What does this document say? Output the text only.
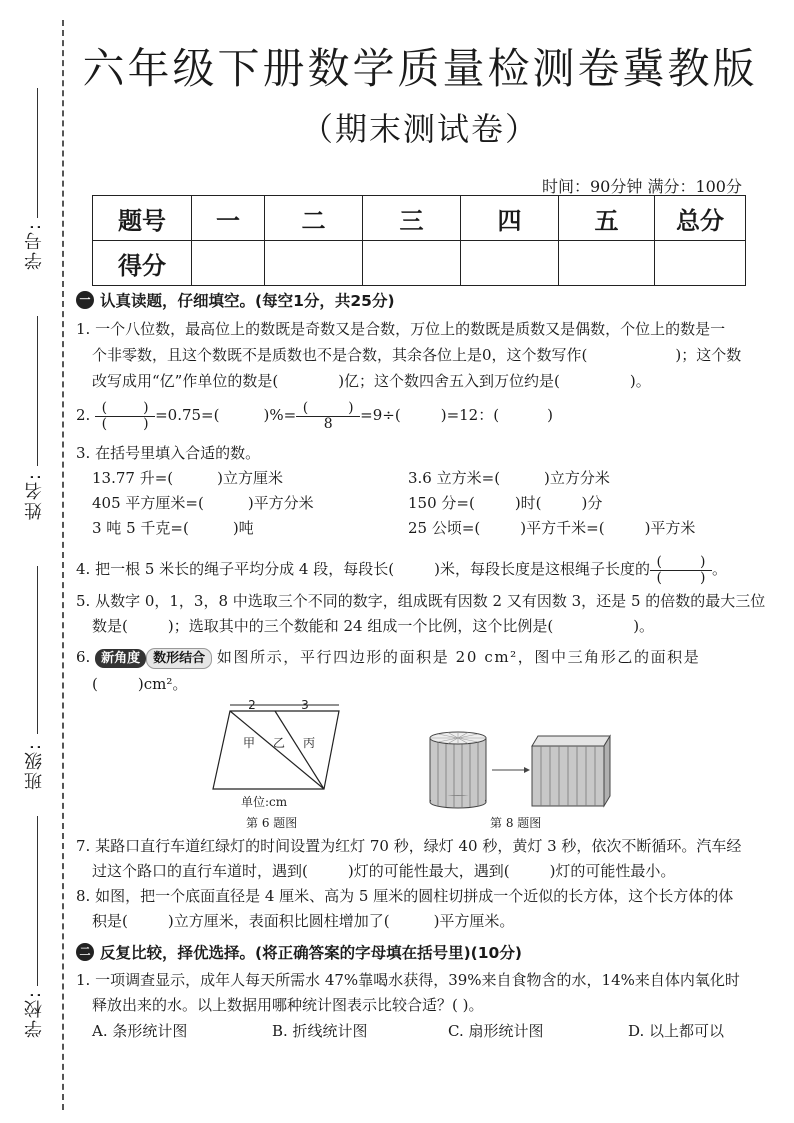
学号:
姓名:
班级:
学校:
六年级下册数学质量检测卷冀教版
（期末测试卷）
时间：90分钟 满分：100分
题号	一	二	三	四	五	总分
得分						
一 认真读题，仔细填空。(每空1分，共25分)
1. 一个八位数，最高位上的数既是奇数又是合数，万位上的数既是质数又是偶数，个位上的数是一
个非零数，且这个数既不是质数也不是合数，其余各位上是0，这个数写作(	)；这个数
改写成用“亿”作单位的数是(	)亿；这个数四舍五入到万位约是(	)。
2. (	)
(	) =0.75=(	)%= (	)
8 =9÷(	)=12：(	)
3. 在括号里填入合适的数。
13.77 升=(	)立方厘米	3.6 立方米=(	)立方分米
405 平方厘米=(	)平方分米	150 分=(	)时(	)分
3 吨 5 千克=(	)吨	25 公顷=(	)平方千米=(	)平方米
4. 把一根 5 米长的绳子平均分成 4 段，每段长(	)米，每段长度是这根绳子长度的 (	)
(	) 。
5. 从数字 0，1，3，8 中选取三个不同的数字，组成既有因数 2 又有因数 3，还是 5 的倍数的最大三位
数是(	)；选取其中的三个数能和 24 组成一个比例，这个比例是(	)。
6. 新角度 数形结合 如图所示，平行四边形的面积是 20 cm²，图中三角形乙的面积是
(	)cm²。
2	3
甲 乙 丙
单位:cm
第 6 题图	第 8 题图
7. 某路口直行车道红绿灯的时间设置为红灯 70 秒，绿灯 40 秒，黄灯 3 秒，依次不断循环。汽车经
过这个路口的直行车道时，遇到(	)灯的可能性最大，遇到(	)灯的可能性最小。
8. 如图，把一个底面直径是 4 厘米、高为 5 厘米的圆柱切拼成一个近似的长方体，这个长方体的体
积是(	)立方厘米，表面积比圆柱增加了(	)平方厘米。
二 反复比较，择优选择。(将正确答案的字母填在括号里)(10分)
1. 一项调查显示，成年人每天所需水 47%靠喝水获得，39%来自食物含的水，14%来自体内氧化时
释放出来的水。以上数据用哪种统计图表示比较合适？( )。
A. 条形统计图	B. 折线统计图	C. 扇形统计图	D. 以上都可以
